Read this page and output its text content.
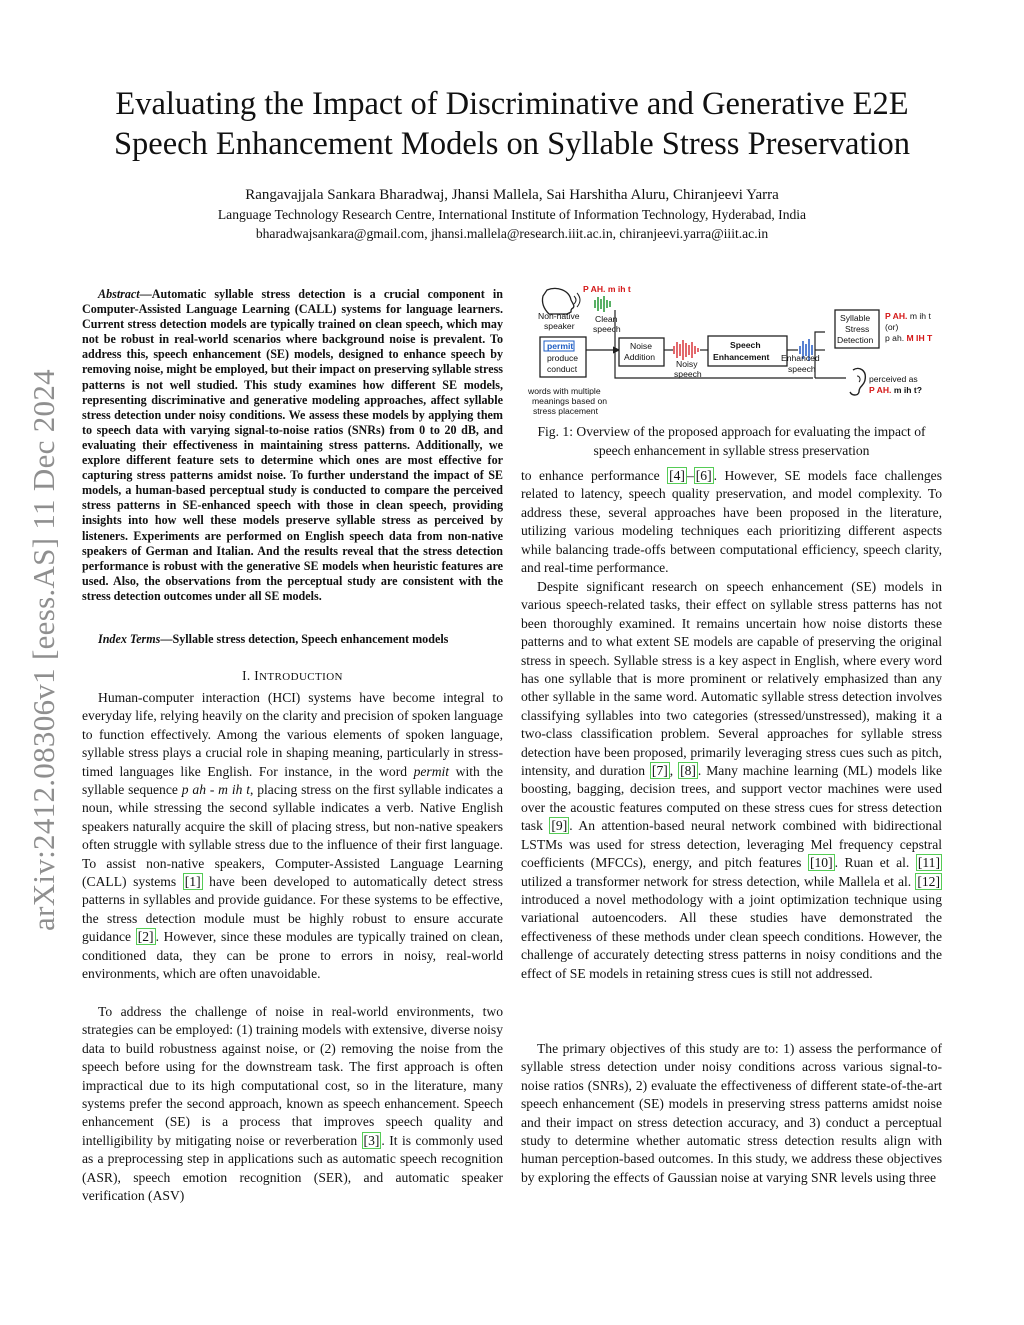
arXiv:2412.08306v1 [eess.AS] 11 Dec 2024
Evaluating the Impact of Discriminative and Generative E2E
Speech Enhancement Models on Syllable Stress Preservation
Rangavajjala Sankara Bharadwaj, Jhansi Mallela, Sai Harshitha Aluru, Chiranjeevi Yarra
Language Technology Research Centre, International Institute of Information Technology, Hyderabad, India
bharadwajsankara@gmail.com, jhansi.mallela@research.iiit.ac.in, chiranjeevi.yarra@iiit.ac.in
Abstract—Automatic syllable stress detection is a crucial component in Computer-Assisted Language Learning (CALL) systems for language learners. Current stress detection models are typically trained on clean speech, which may not be robust in real-world scenarios where background noise is prevalent. To address this, speech enhancement (SE) models, designed to enhance speech by removing noise, might be employed, but their impact on preserving syllable stress patterns is not well studied. This study examines how different SE models, representing discriminative and generative modeling approaches, affect syllable stress detection under noisy conditions. We assess these models by applying them to speech data with varying signal-to-noise ratios (SNRs) from 0 to 20 dB, and evaluating their effectiveness in maintaining stress patterns. Additionally, we explore different feature sets to determine which ones are most effective for capturing stress patterns amidst noise. To further understand the impact of SE models, a human-based perceptual study is conducted to compare the perceived stress patterns in SE-enhanced speech with those in clean speech, providing insights into how well these models preserve syllable stress as perceived by listeners. Experiments are performed on English speech data from non-native speakers of German and Italian. And the results reveal that the stress detection performance is robust with the generative SE models when heuristic features are used. Also, the observations from the perceptual study are consistent with the stress detection outcomes under all SE models.
Index Terms—Syllable stress detection, Speech enhancement models
I. INTRODUCTION

Human-computer interaction (HCI) systems have become integral to everyday life, relying heavily on the clarity and precision of spoken language to function effectively. Among the various elements of spoken language, syllable stress plays a crucial role in shaping meaning, particularly in stress-timed languages like English. For instance, in the word permit with the syllable sequence p ah - m ih t, placing stress on the first syllable indicates a noun, while stressing the second syllable indicates a verb. Native English speakers naturally acquire the skill of placing stress, but non-native speakers often struggle with syllable stress due to the influence of their first language. To assist non-native speakers, Computer-Assisted Language Learning (CALL) systems [1] have been developed to automatically detect stress patterns in syllables and provide guidance. For these systems to be effective, the stress detection module must be highly robust to ensure accurate guidance [2] . However, since these modules are typically trained on clean, conditioned data, they can be prone to errors in noisy, real-world environments, which are often unavoidable.

To address the challenge of noise in real-world environments, two strategies can be employed: (1) training models with extensive, diverse noisy data to build robustness against noise, or (2) removing the noise from the speech before using for the downstream task. The first approach is often impractical due to its high computational cost, so in the literature, many systems prefer the second approach, known as speech enhancement. Speech enhancement (SE) is a process that improves speech quality and intelligibility by mitigating noise or reverberation [3] . It is commonly used as a preprocessing step in applications such as automatic speech recognition (ASR), speech emotion recognition (SER), and automatic speaker verification (ASV)

P AH. m ih t
Non-native
speaker
Clean
speech
permit
produce
conduct
words with multiple
meanings based on
stress placement
Noise
Addition
Noisy
speech
Speech
Enhancement Enhanced
speech
Syllable
Stress
Detection
P AH. m ih t
(or)
p ah. M IH T
perceived as
P AH. m ih t?
Fig. 1: Overview of the proposed approach for evaluating the impact of speech enhancement in syllable stress preservation
to enhance performance [4] – [6] . However, SE models face challenges related to latency, speech quality preservation, and model complexity. To address these, several approaches have been proposed in the literature, utilizing various modeling techniques each prioritizing different aspects while balancing trade-offs between computational efficiency, speech clarity, and real-time performance.

Despite significant research on speech enhancement (SE) models in various speech-related tasks, their effect on syllable stress patterns has not been thoroughly examined. It remains uncertain how noise distorts these patterns and to what extent SE models are capable of preserving the original stress in speech. Syllable stress is a key aspect in English, where every word has one syllable that is more prominent or relatively emphasized than any other syllable in the same word. Automatic syllable stress detection involves classifying syllables into two categories (stressed/unstressed), making it a two-class classification problem. Several approaches for syllable stress detection have been proposed, primarily leveraging stress cues such as pitch, intensity, and duration [7] , [8] . Many machine learning (ML) models like boosting, bagging, decision trees, and support vector machines were used over the acoustic features computed on these stress cues for stress detection task [9] . An attention-based neural network combined with bidirectional LSTMs was used for stress detection, leveraging Mel frequency cepstral coefficients (MFCCs), energy, and pitch features [10] . Ruan et al. [11] utilized a transformer network for stress detection, while Mallela et al. [12] introduced a novel methodology with a joint optimization technique using variational autoencoders. All these studies have demonstrated the effectiveness of these methods under clean speech conditions. However, the challenge of accurately detecting stress patterns in noisy conditions and the effect of SE models in retaining stress cues is still not addressed.

The primary objectives of this study are to: 1) assess the performance of syllable stress detection under noisy conditions across various signal-to-noise ratios (SNRs), 2) evaluate the effectiveness of different state-of-the-art speech enhancement (SE) models in preserving stress patterns amidst noise and their impact on stress detection accuracy, and 3) conduct a perceptual study to determine whether automatic stress detection results align with human perception-based outcomes. In this study, we address these objectives by exploring the effects of Gaussian noise at varying SNR levels using three
